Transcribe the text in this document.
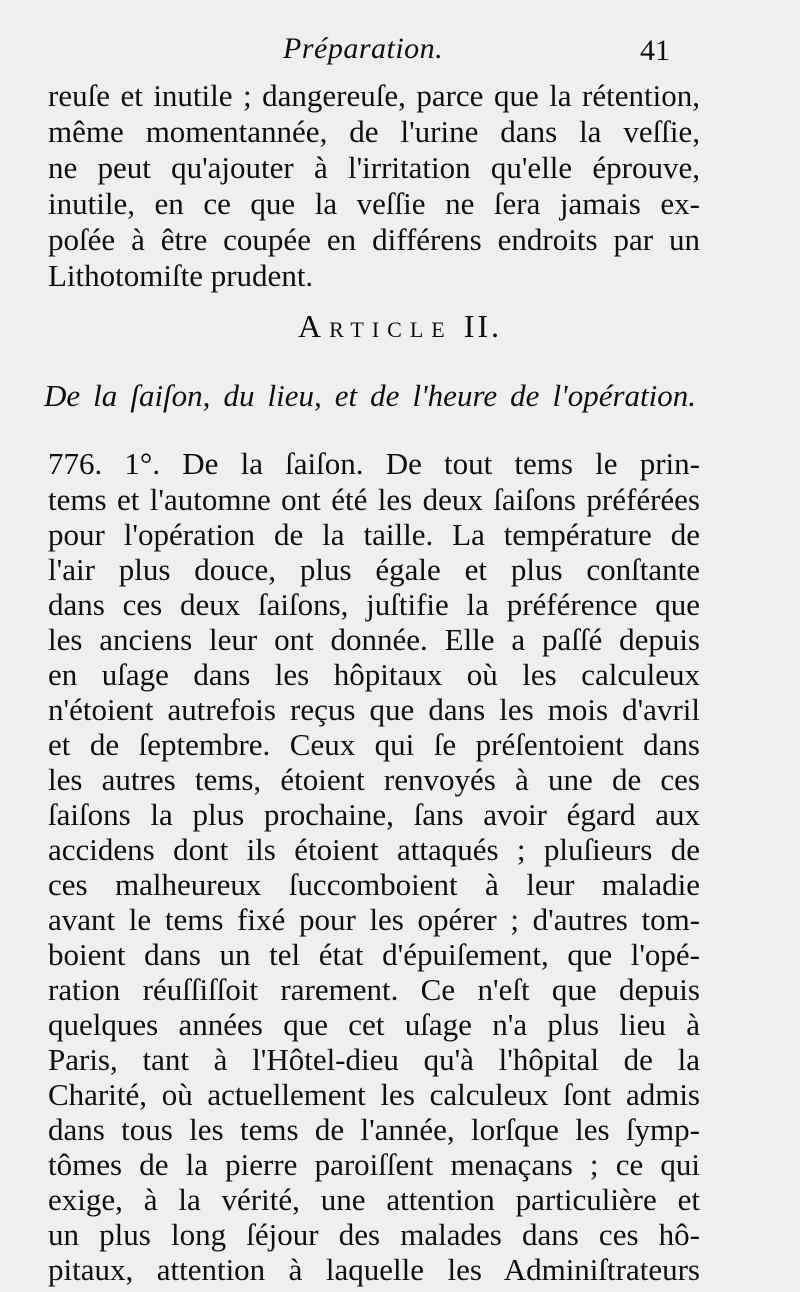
Préparation.	41
reuſe et inutile ; dangereuſe, parce que la rétention,
même momentannée, de l'urine dans la veſſie,
ne peut qu'ajouter à l'irritation qu'elle éprouve,
inutile, en ce que la veſſie ne ſera jamais ex-
poſée à être coupée en différens endroits par un
Lithotomiſte prudent.
Article II.
De la ſaiſon, du lieu, et de l'heure de l'opération.
776. 1°. De la ſaiſon. De tout tems le prin-
tems et l'automne ont été les deux ſaiſons préférées
pour l'opération de la taille. La température de
l'air plus douce, plus égale et plus conſtante
dans ces deux ſaiſons, juſtifie la préférence que
les anciens leur ont donnée. Elle a paſſé depuis
en uſage dans les hôpitaux où les calculeux
n'étoient autrefois reçus que dans les mois d'avril
et de ſeptembre. Ceux qui ſe préſentoient dans
les autres tems, étoient renvoyés à une de ces
ſaiſons la plus prochaine, ſans avoir égard aux
accidens dont ils étoient attaqués ; pluſieurs de
ces malheureux ſuccomboient à leur maladie
avant le tems fixé pour les opérer ; d'autres tom-
boient dans un tel état d'épuiſement, que l'opé-
ration réuſſiſſoit rarement. Ce n'eſt que depuis
quelques années que cet uſage n'a plus lieu à
Paris, tant à l'Hôtel-dieu qu'à l'hôpital de la
Charité, où actuellement les calculeux ſont admis
dans tous les tems de l'année, lorſque les ſymp-
tômes de la pierre paroiſſent menaçans ; ce qui
exige, à la vérité, une attention particulière et
un plus long ſéjour des malades dans ces hô-
pitaux, attention à laquelle les Adminiſtrateurs
